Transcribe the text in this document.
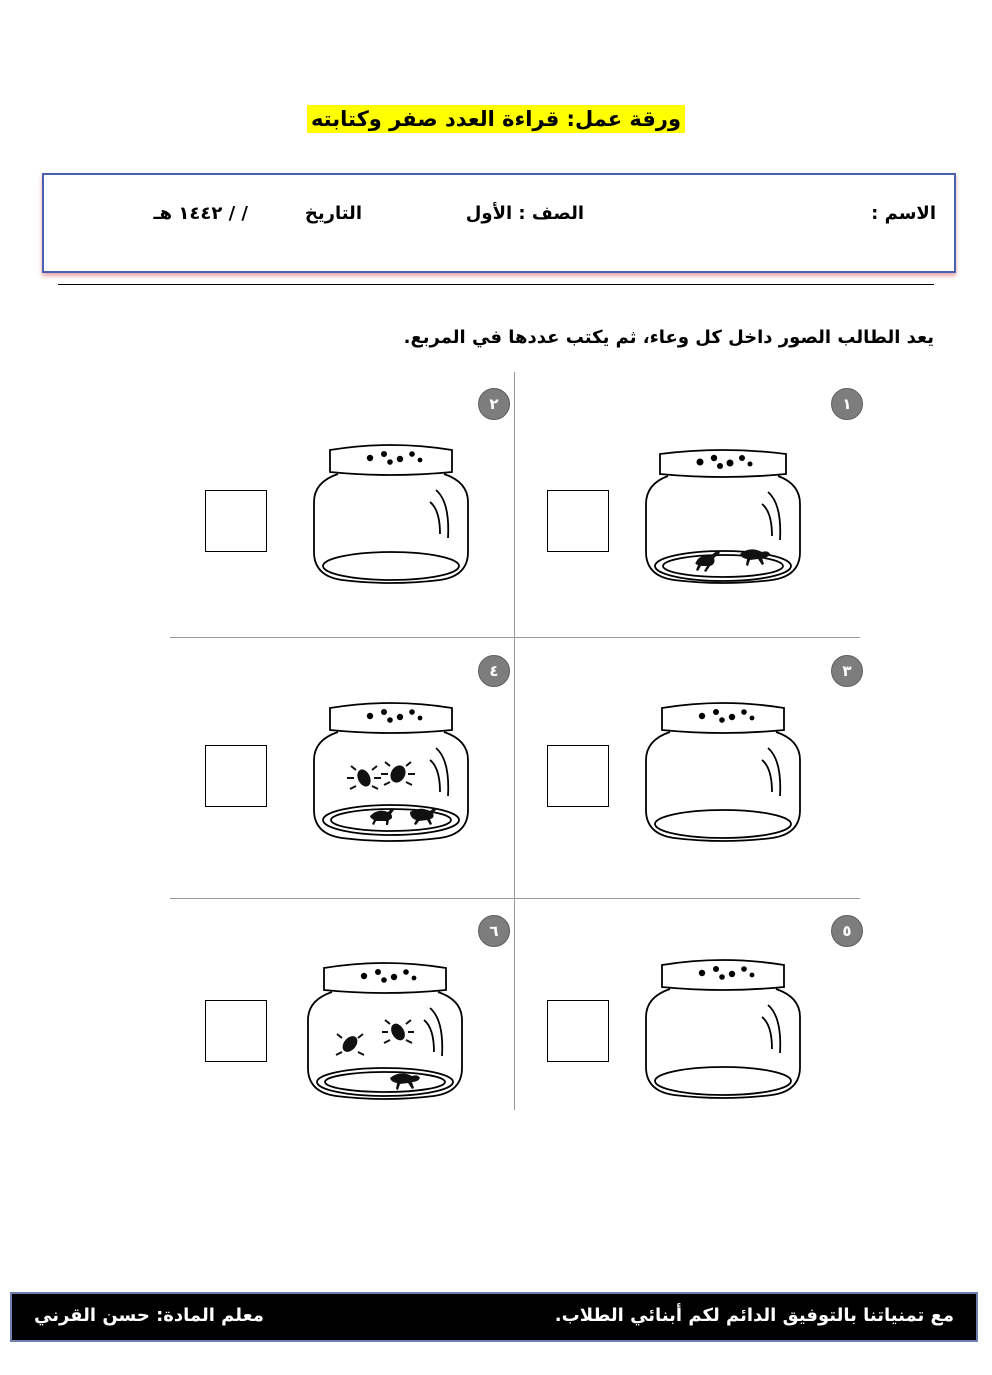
ورقة عمل: قراءة العدد صفر وكتابته
الاسم :
الصف : الأول
التاريخ
/ / ١٤٤٢ هـ
يعد الطالب الصور داخل كل وعاء، ثم يكتب عددها في المربع.
١
٢
٣
٤
٥
٦
مع تمنياتنا بالتوفيق الدائم لكم أبنائي الطلاب.
معلم المادة: حسن القرني
